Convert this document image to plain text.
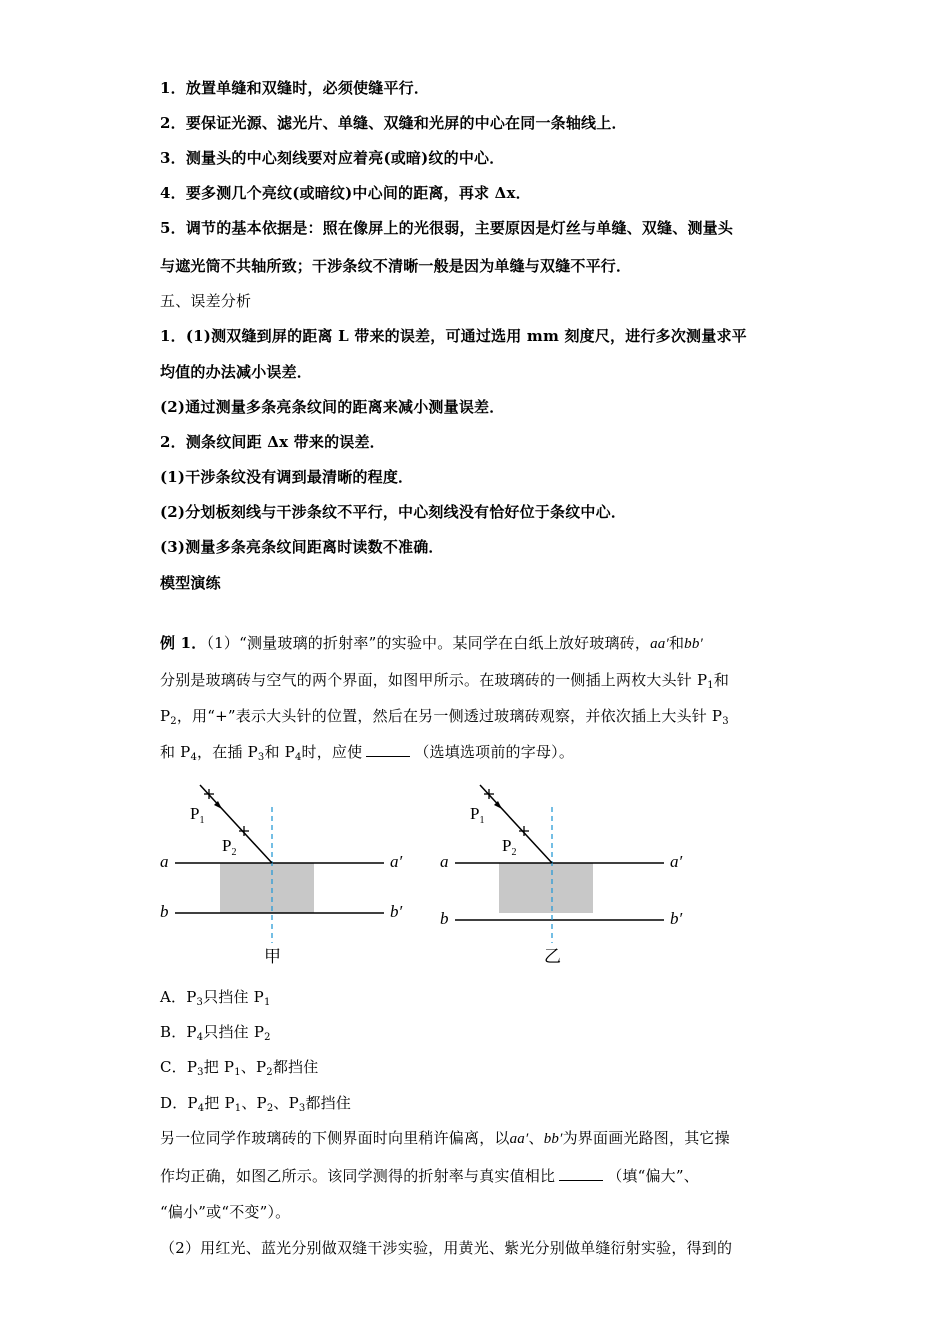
1．放置单缝和双缝时，必须使缝平行．
2．要保证光源、滤光片、单缝、双缝和光屏的中心在同一条轴线上．
3．测量头的中心刻线要对应着亮(或暗)纹的中心．
4．要多测几个亮纹(或暗纹)中心间的距离，再求 Δx．
5．调节的基本依据是：照在像屏上的光很弱，主要原因是灯丝与单缝、双缝、测量头
与遮光筒不共轴所致；干涉条纹不清晰一般是因为单缝与双缝不平行．
五、误差分析
1．(1)测双缝到屏的距离 L 带来的误差，可通过选用 mm 刻度尺，进行多次测量求平
均值的办法减小误差．
(2)通过测量多条亮条纹间的距离来减小测量误差．
2．测条纹间距 Δx 带来的误差．
(1)干涉条纹没有调到最清晰的程度．
(2)分划板刻线与干涉条纹不平行，中心刻线没有恰好位于条纹中心．
(3)测量多条亮条纹间距离时读数不准确．
模型演练
例 1．（1）“测量玻璃的折射率”的实验中。某同学在白纸上放好玻璃砖，aa′和bb′
分别是玻璃砖与空气的两个界面，如图甲所示。在玻璃砖的一侧插上两枚大头针 $P_1$和
$P_2$，用“+”表示大头针的位置，然后在另一侧透过玻璃砖观察，并依次插上大头针 $P_3$
和 $P_4$，在插 $P_3$和 $P_4$时，应使	（选填选项前的字母）。
$P_1$
$P_2$
a	a′
b	b′
甲
$P_1$
$P_2$
a	a′
b	b′
乙
A．$P_3$只挡住 $P_1$
B．$P_4$只挡住 $P_2$
C．$P_3$把 $P_1$、$P_2$都挡住
D．$P_4$把 $P_1$、$P_2$、$P_3$都挡住
另一位同学作玻璃砖的下侧界面时向里稍许偏离，以aa′、bb′为界面画光路图，其它操
作均正确，如图乙所示。该同学测得的折射率与真实值相比	（填“偏大”、
“偏小”或“不变”）。
（2）用红光、蓝光分别做双缝干涉实验，用黄光、紫光分别做单缝衍射实验，得到的
